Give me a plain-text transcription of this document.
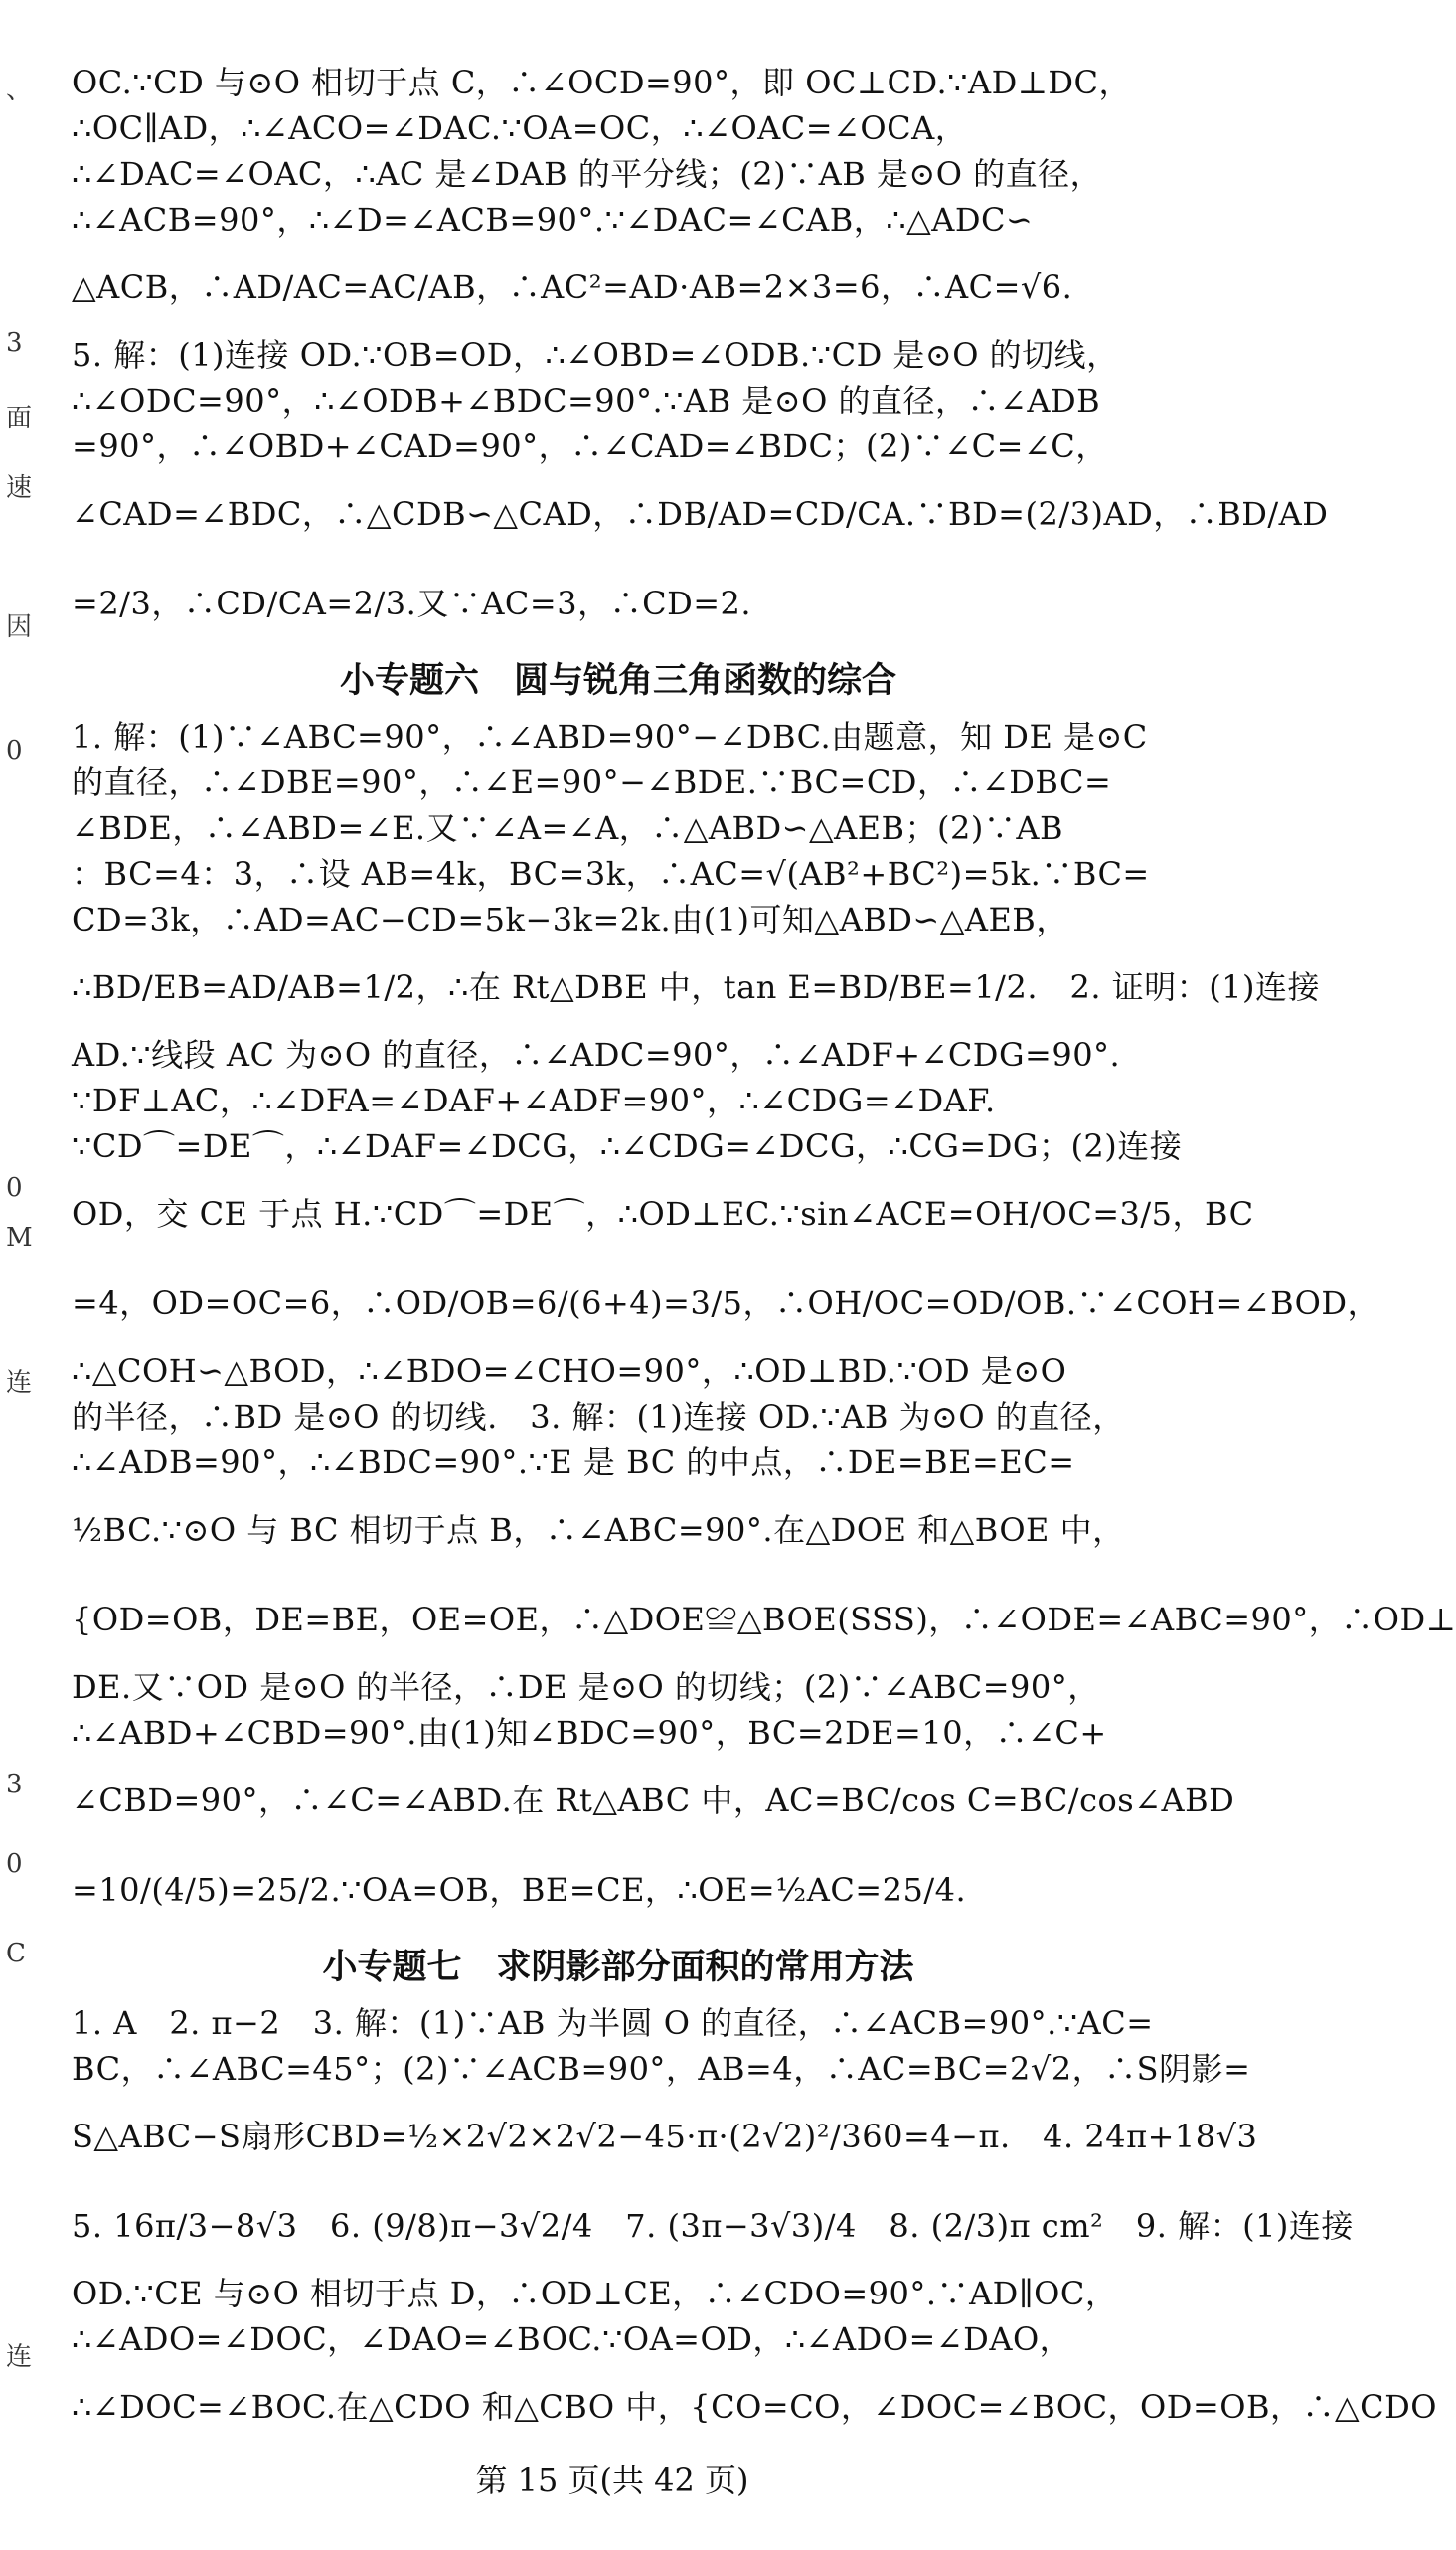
、
3
面
速
因
0
0
M
连
3
0
C
连
OC.∵CD 与⊙O 相切于点 C，∴∠OCD=90°，即 OC⊥CD.∵AD⊥DC，
∴OC∥AD，∴∠ACO=∠DAC.∵OA=OC，∴∠OAC=∠OCA，
∴∠DAC=∠OAC，∴AC 是∠DAB 的平分线；(2)∵AB 是⊙O 的直径，
∴∠ACB=90°，∴∠D=∠ACB=90°.∵∠DAC=∠CAB，∴△ADC∽
△ACB，∴AD/AC=AC/AB，∴AC²=AD·AB=2×3=6，∴AC=√6.
5. 解：(1)连接 OD.∵OB=OD，∴∠OBD=∠ODB.∵CD 是⊙O 的切线，
∴∠ODC=90°，∴∠ODB+∠BDC=90°.∵AB 是⊙O 的直径，∴∠ADB
=90°，∴∠OBD+∠CAD=90°，∴∠CAD=∠BDC；(2)∵∠C=∠C，
∠CAD=∠BDC，∴△CDB∽△CAD，∴DB/AD=CD/CA.∵BD=(2/3)AD，∴BD/AD
=2/3，∴CD/CA=2/3.又∵AC=3，∴CD=2.
小专题六　圆与锐角三角函数的综合
1. 解：(1)∵∠ABC=90°，∴∠ABD=90°−∠DBC.由题意，知 DE 是⊙C
的直径，∴∠DBE=90°，∴∠E=90°−∠BDE.∵BC=CD，∴∠DBC=
∠BDE，∴∠ABD=∠E.又∵∠A=∠A，∴△ABD∽△AEB；(2)∵AB
：BC=4：3，∴设 AB=4k，BC=3k，∴AC=√(AB²+BC²)=5k.∵BC=
CD=3k，∴AD=AC−CD=5k−3k=2k.由(1)可知△ABD∽△AEB，
∴BD/EB=AD/AB=1/2，∴在 Rt△DBE 中，tan E=BD/BE=1/2.　2. 证明：(1)连接
AD.∵线段 AC 为⊙O 的直径，∴∠ADC=90°，∴∠ADF+∠CDG=90°.
∵DF⊥AC，∴∠DFA=∠DAF+∠ADF=90°，∴∠CDG=∠DAF.
∵CD⌒=DE⌒，∴∠DAF=∠DCG，∴∠CDG=∠DCG，∴CG=DG；(2)连接
OD，交 CE 于点 H.∵CD⌒=DE⌒，∴OD⊥EC.∵sin∠ACE=OH/OC=3/5，BC
=4，OD=OC=6，∴OD/OB=6/(6+4)=3/5，∴OH/OC=OD/OB.∵∠COH=∠BOD，
∴△COH∽△BOD，∴∠BDO=∠CHO=90°，∴OD⊥BD.∵OD 是⊙O
的半径，∴BD 是⊙O 的切线.　3. 解：(1)连接 OD.∵AB 为⊙O 的直径，
∴∠ADB=90°，∴∠BDC=90°.∵E 是 BC 的中点，∴DE=BE=EC=
½BC.∵⊙O 与 BC 相切于点 B，∴∠ABC=90°.在△DOE 和△BOE 中，
{OD=OB，DE=BE，OE=OE，∴△DOE≌△BOE(SSS)，∴∠ODE=∠ABC=90°，∴OD⊥
DE.又∵OD 是⊙O 的半径，∴DE 是⊙O 的切线；(2)∵∠ABC=90°，
∴∠ABD+∠CBD=90°.由(1)知∠BDC=90°，BC=2DE=10，∴∠C+
∠CBD=90°，∴∠C=∠ABD.在 Rt△ABC 中，AC=BC/cos C=BC/cos∠ABD
=10/(4/5)=25/2.∵OA=OB，BE=CE，∴OE=½AC=25/4.
小专题七　求阴影部分面积的常用方法
1. A　2. π−2　3. 解：(1)∵AB 为半圆 O 的直径，∴∠ACB=90°.∵AC=
BC，∴∠ABC=45°；(2)∵∠ACB=90°，AB=4，∴AC=BC=2√2，∴S阴影=
S△ABC−S扇形CBD=½×2√2×2√2−45·π·(2√2)²/360=4−π.　4. 24π+18√3
5. 16π/3−8√3　6. (9/8)π−3√2/4　7. (3π−3√3)/4　8. (2/3)π cm²　9. 解：(1)连接
OD.∵CE 与⊙O 相切于点 D，∴OD⊥CE，∴∠CDO=90°.∵AD∥OC，
∴∠ADO=∠DOC，∠DAO=∠BOC.∵OA=OD，∴∠ADO=∠DAO，
∴∠DOC=∠BOC.在△CDO 和△CBO 中，{CO=CO，∠DOC=∠BOC，OD=OB，∴△CDO
第 15 页(共 42 页)
